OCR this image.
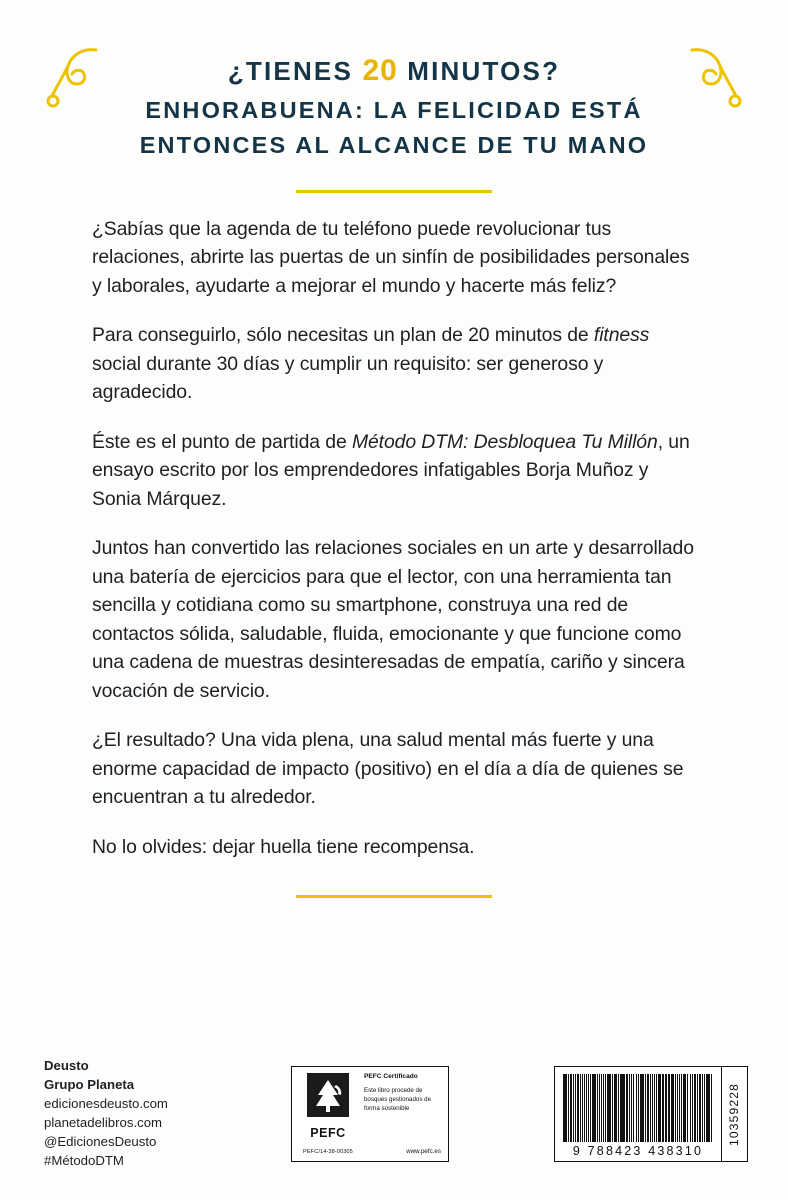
¿TIENES 20 MINUTOS?
ENHORABUENA: LA FELICIDAD ESTÁ
ENTONCES AL ALCANCE DE TU MANO

¿Sabías que la agenda de tu teléfono puede revolucionar tus relaciones, abrirte las puertas de un sinfín de posibilidades personales y laborales, ayudarte a mejorar el mundo y hacerte más feliz?

Para conseguirlo, sólo necesitas un plan de 20 minutos de fitness social durante 30 días y cumplir un requisito: ser generoso y agradecido.

Éste es el punto de partida de Método DTM: Desbloquea Tu Millón, un ensayo escrito por los emprendedores infatigables Borja Muñoz y Sonia Márquez.

Juntos han convertido las relaciones sociales en un arte y desarrollado una batería de ejercicios para que el lector, con una herramienta tan sencilla y cotidiana como su smartphone, construya una red de contactos sólida, saludable, fluida, emocionante y que funcione como una cadena de muestras desinteresadas de empatía, cariño y sincera vocación de servicio.

¿El resultado? Una vida plena, una salud mental más fuerte y una enorme capacidad de impacto (positivo) en el día a día de quienes se encuentran a tu alrededor.

No lo olvides: dejar huella tiene recompensa.

Deusto
Grupo Planeta
edicionesdeusto.com
planetadelibros.com
@EdicionesDeusto
#MétodoDTM
PEFC
PEFC/14-38-00305
PEFC Certificado
Este libro procede de bosques gestionados de forma sostenible
www.pefc.es	9 788423 438310
10359228
